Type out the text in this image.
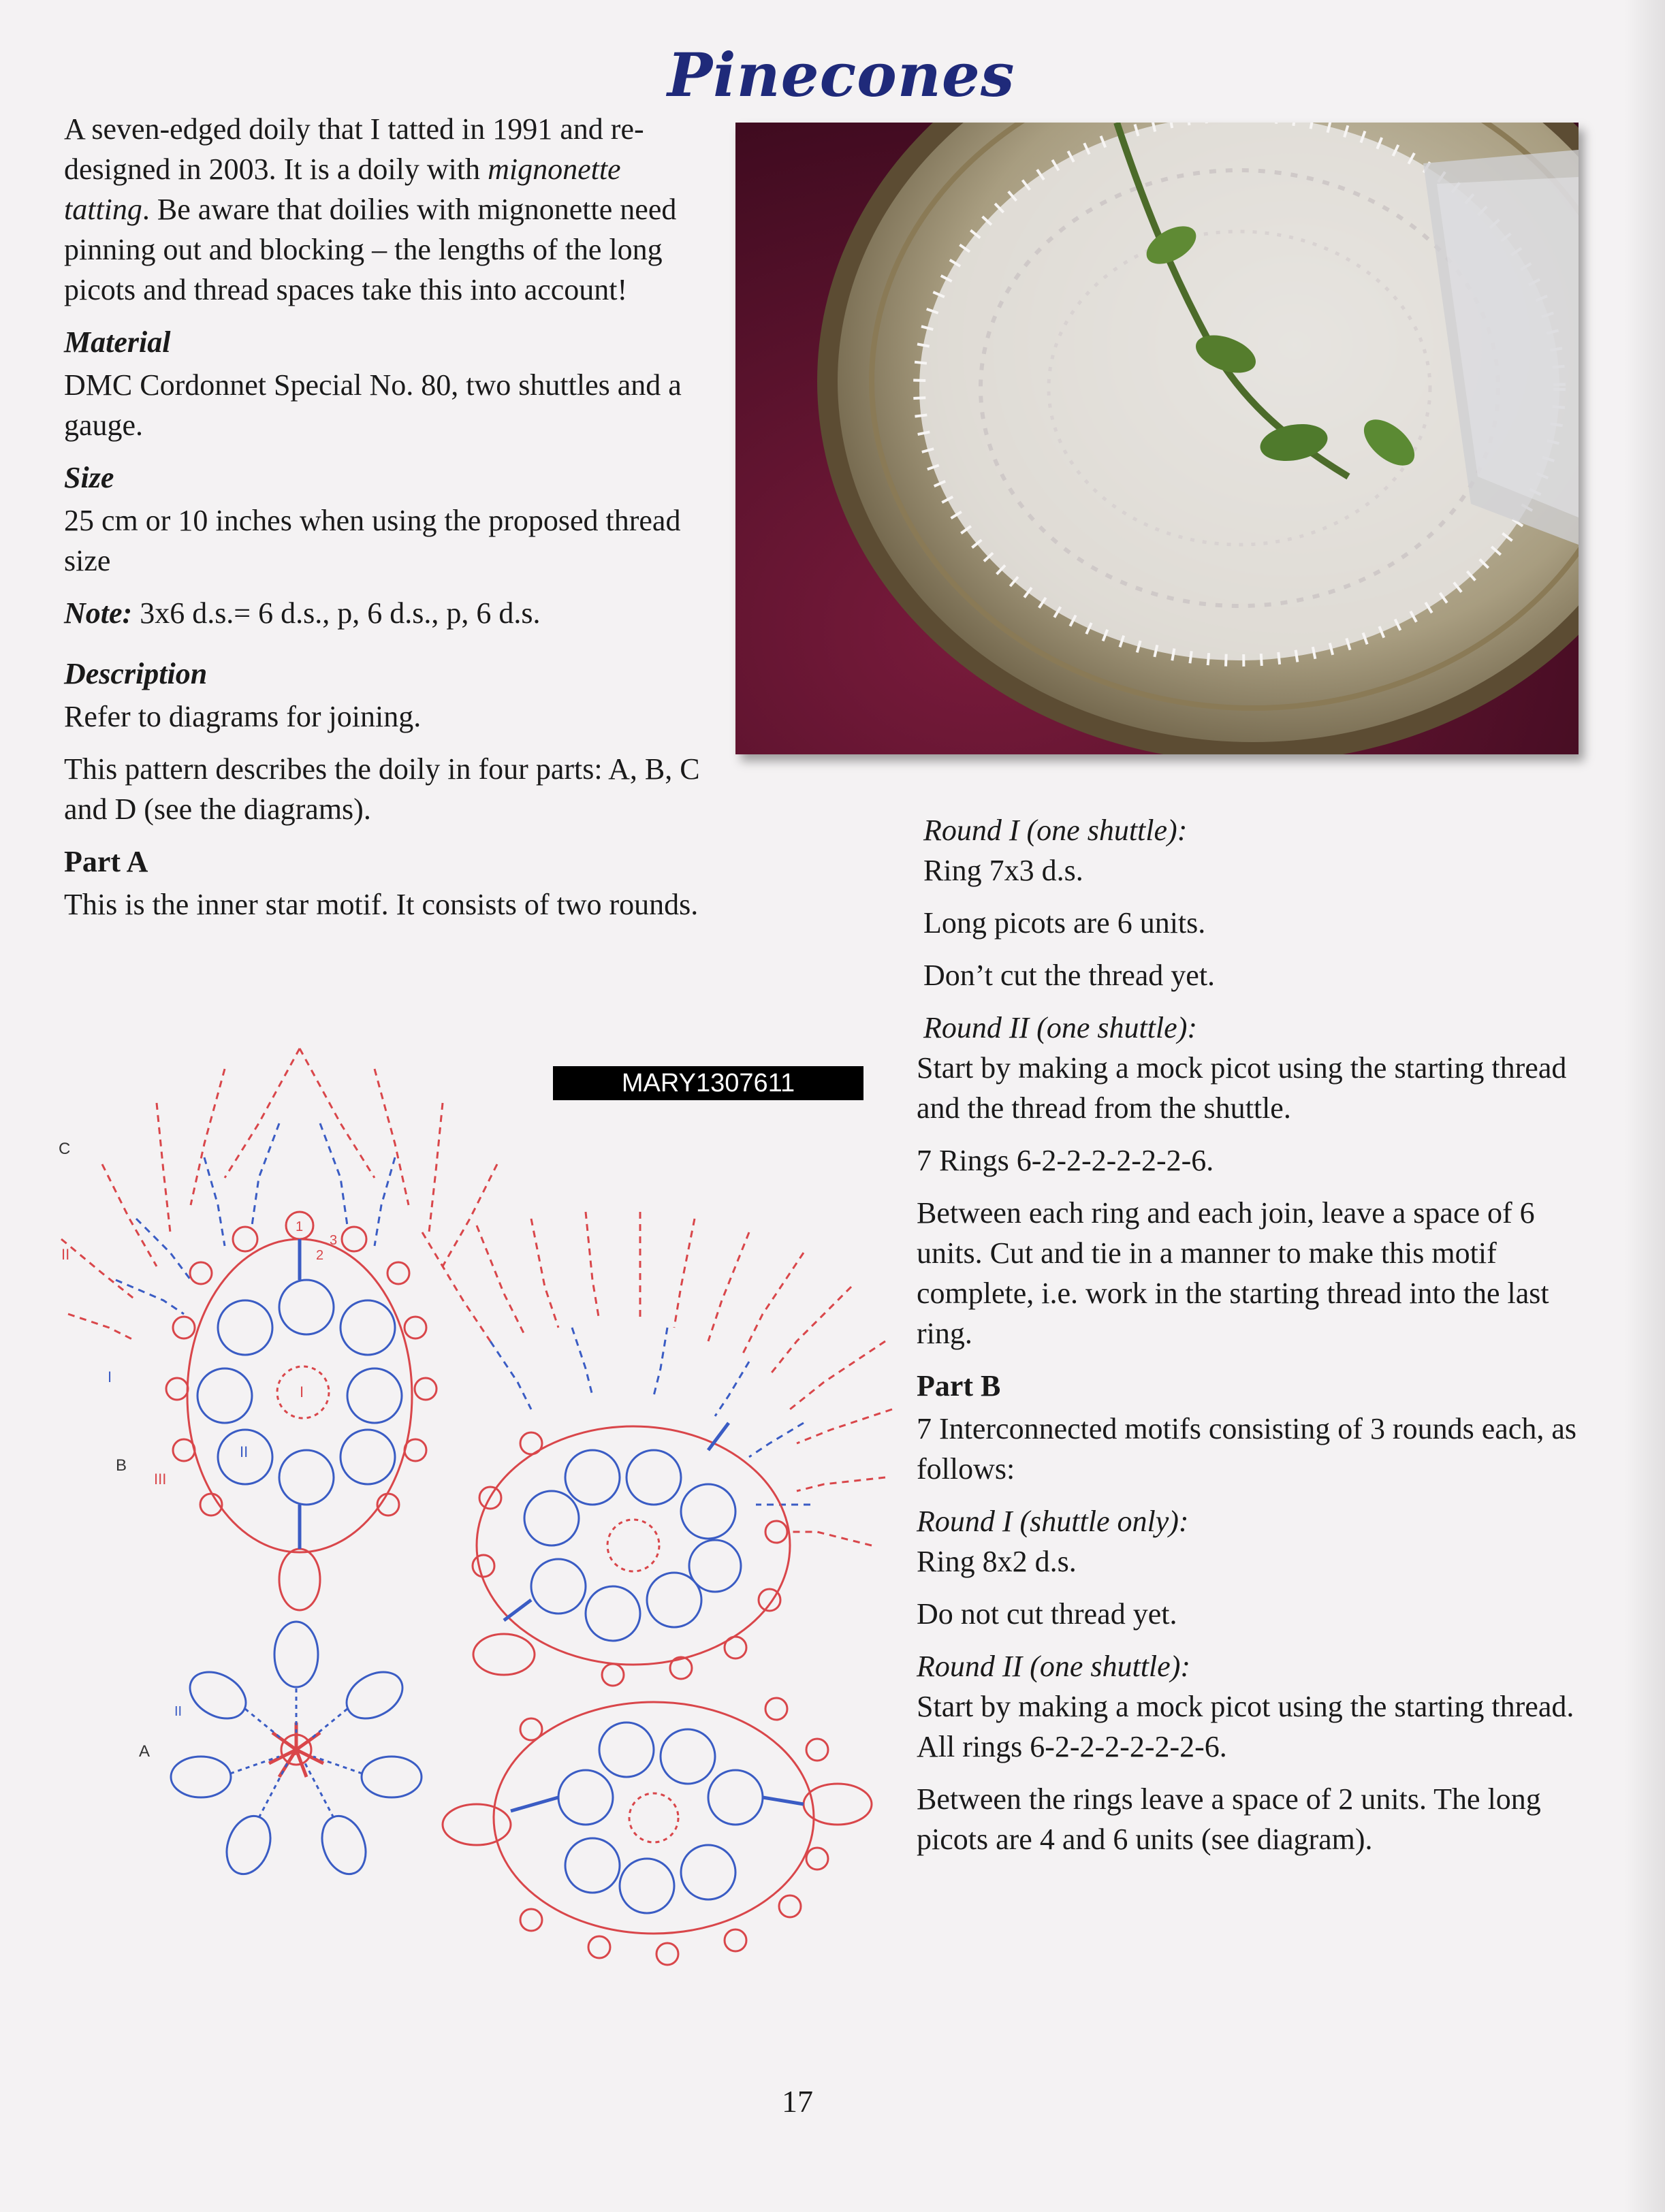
Pinecones

A seven-edged doily that I tatted in 1991 and re-designed in 2003. It is a doily with mignonette tatting. Be aware that doilies with mignonette need pinning out and blocking – the lengths of the long picots and thread spaces take this into account!

Material

DMC Cordonnet Special No. 80, two shuttles and a gauge.

Size

25 cm or 10 inches when using the proposed thread size

Note: 3x6 d.s.= 6 d.s., p, 6 d.s., p, 6 d.s.

Description

Refer to diagrams for joining.

This pattern describes the doily in four parts: A, B, C and D (see the diagrams).

Part A

This is the inner star motif. It consists of two rounds.

MARY1307611
C
B
A
II
I
III
II
I
II
I
1
2
3

Round I (one shuttle):

Ring 7x3 d.s.

Long picots are 6 units.

Don’t cut the thread yet.

Round II (one shuttle):

Start by making a mock picot using the starting thread and the thread from the shuttle.

7 Rings 6-2-2-2-2-2-2-6.

Between each ring and each join, leave a space of 6 units. Cut and tie in a manner to make this motif complete, i.e. work in the starting thread into the last ring.

Part B

7 Interconnected motifs consisting of 3 rounds each, as follows:

Round I (shuttle only):

Ring 8x2 d.s.

Do not cut thread yet.

Round II (one shuttle):

Start by making a mock picot using the starting thread.

All rings 6-2-2-2-2-2-2-6.

Between the rings leave a space of 2 units. The long picots are 4 and 6 units (see diagram).

17
